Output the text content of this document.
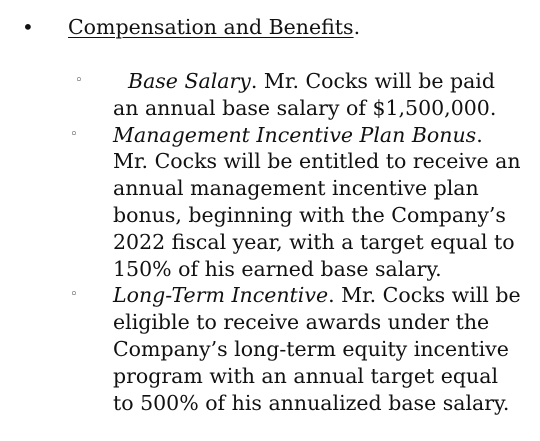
• Compensation and Benefits.
◦	Base Salary. Mr. Cocks will be paid an annual base salary of $1,500,000.

◦ Management Incentive Plan Bonus. Mr. Cocks will be entitled to receive an annual management incentive plan bonus, beginning with the Company’s 2022 fiscal year, with a target equal to 150% of his earned base salary.

◦ Long-Term Incentive. Mr. Cocks will be eligible to receive awards under the Company’s long-term equity incentive program with an annual target equal to 500% of his annualized base salary.
